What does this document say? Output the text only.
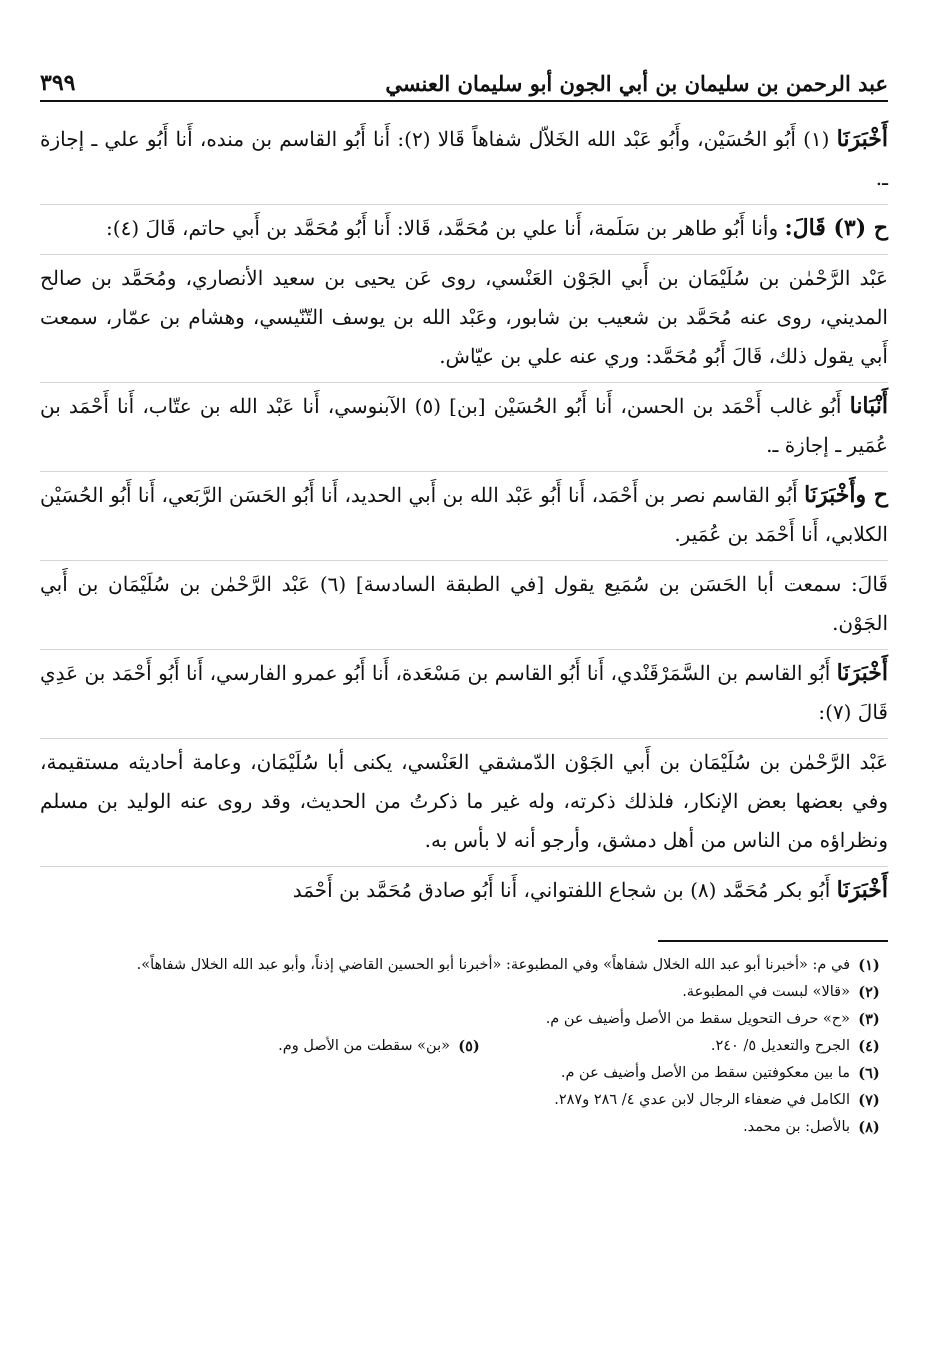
عبد الرحمن بن سليمان بن أبي الجون أبو سليمان العنسي
٣٩٩

أَخْبَرَنَا (١) أَبُو الحُسَيْن، وأَبُو عَبْد الله الخَلاّل شفاهاً قَالا (٢): أَنا أَبُو القاسم بن منده، أَنا أَبُو علي ـ إجازة ـ.

ح (٣) قَالَ: وأنا أَبُو طاهر بن سَلَمة، أَنا علي بن مُحَمَّد، قَالا: أَنا أَبُو مُحَمَّد بن أَبي حاتم، قَالَ (٤):

عَبْد الرَّحْمٰن بن سُلَيْمَان بن أَبي الجَوْن العَنْسي، روى عَن يحيى بن سعيد الأنصاري، ومُحَمَّد بن صالح المديني، روى عنه مُحَمَّد بن شعيب بن شابور، وعَبْد الله بن يوسف التّنّيسي، وهشام بن عمّار، سمعت أَبي يقول ذلك، قَالَ أَبُو مُحَمَّد: وري عنه علي بن عيّاش.

أَنْبَانا أَبُو غالب أَحْمَد بن الحسن، أَنا أَبُو الحُسَيْن [بن] (٥) الآبنوسي، أَنا عَبْد الله بن عتّاب، أَنا أَحْمَد بن عُمَير ـ إجازة ـ.

ح وأَخْبَرَنَا أَبُو القاسم نصر بن أَحْمَد، أَنا أَبُو عَبْد الله بن أَبي الحديد، أَنا أَبُو الحَسَن الرَّبَعي، أَنا أَبُو الحُسَيْن الكلابي، أَنا أَحْمَد بن عُمَير.

قَالَ: سمعت أبا الحَسَن بن سُمَيع يقول [في الطبقة السادسة] (٦) عَبْد الرَّحْمٰن بن سُلَيْمَان بن أَبي الجَوْن.

أَخْبَرَنَا أَبُو القاسم بن السَّمَرْقَنْدي، أَنا أَبُو القاسم بن مَسْعَدة، أَنا أَبُو عمرو الفارسي، أَنا أَبُو أَحْمَد بن عَدِي قَالَ (٧):

عَبْد الرَّحْمٰن بن سُلَيْمَان بن أَبي الجَوْن الدّمشقي العَنْسي، يكنى أبا سُلَيْمَان، وعامة أحاديثه مستقيمة، وفي بعضها بعض الإنكار، فلذلك ذكرته، وله غير ما ذكرتُ من الحديث، وقد روى عنه الوليد بن مسلم ونظراؤه من الناس من أهل دمشق، وأرجو أنه لا بأس به.

أَخْبَرَنَا أَبُو بكر مُحَمَّد (٨) بن شجاع اللفتواني، أَنا أَبُو صادق مُحَمَّد بن أَحْمَد

(١)
في م: «أخبرنا أبو عبد الله الخلال شفاهاً» وفي المطبوعة: «أخبرنا أبو الحسين القاضي إذناً، وأبو عبد الله الخلال شفاهاً».
(٢)
«قالا» لبست في المطبوعة.
(٣)
«ح» حرف التحويل سقط من الأصل وأضيف عن م.
(٤)
الجرح والتعديل ٥/ ٢٤٠.
(٥)
«بن» سقطت من الأصل وم.
(٦)
ما بين معكوفتين سقط من الأصل وأضيف عن م.
(٧)
الكامل في ضعفاء الرجال لابن عدي ٤/ ٢٨٦ و٢٨٧.
(٨)
بالأصل: بن محمد.
